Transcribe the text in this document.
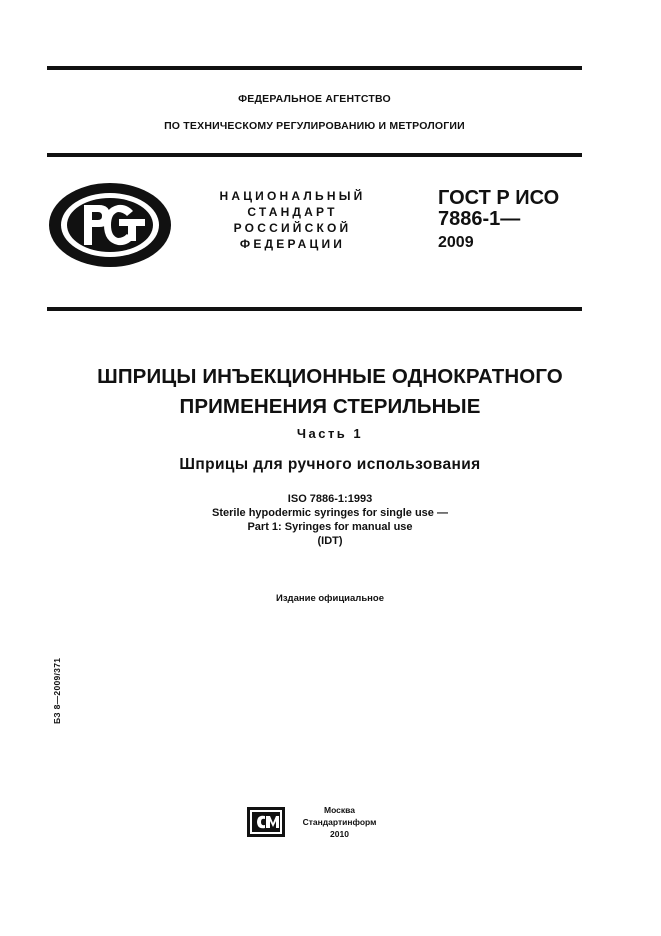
ФЕДЕРАЛЬНОЕ АГЕНТСТВО
ПО ТЕХНИЧЕСКОМУ РЕГУЛИРОВАНИЮ И МЕТРОЛОГИИ
НАЦИОНАЛЬНЫЙ
СТАНДАРТ
РОССИЙСКОЙ
ФЕДЕРАЦИИ
ГОСТ Р ИСО
7886-1—
2009
ШПРИЦЫ ИНЪЕКЦИОННЫЕ ОДНОКРАТНОГО
ПРИМЕНЕНИЯ СТЕРИЛЬНЫЕ
Часть 1
Шприцы для ручного использования
ISO 7886-1:1993
Sterile hypodermic syringes for single use —
Part 1: Syringes for manual use
(IDT)
Издание официальное
БЗ 8—2009/371
Москва
Стандартинформ
2010
